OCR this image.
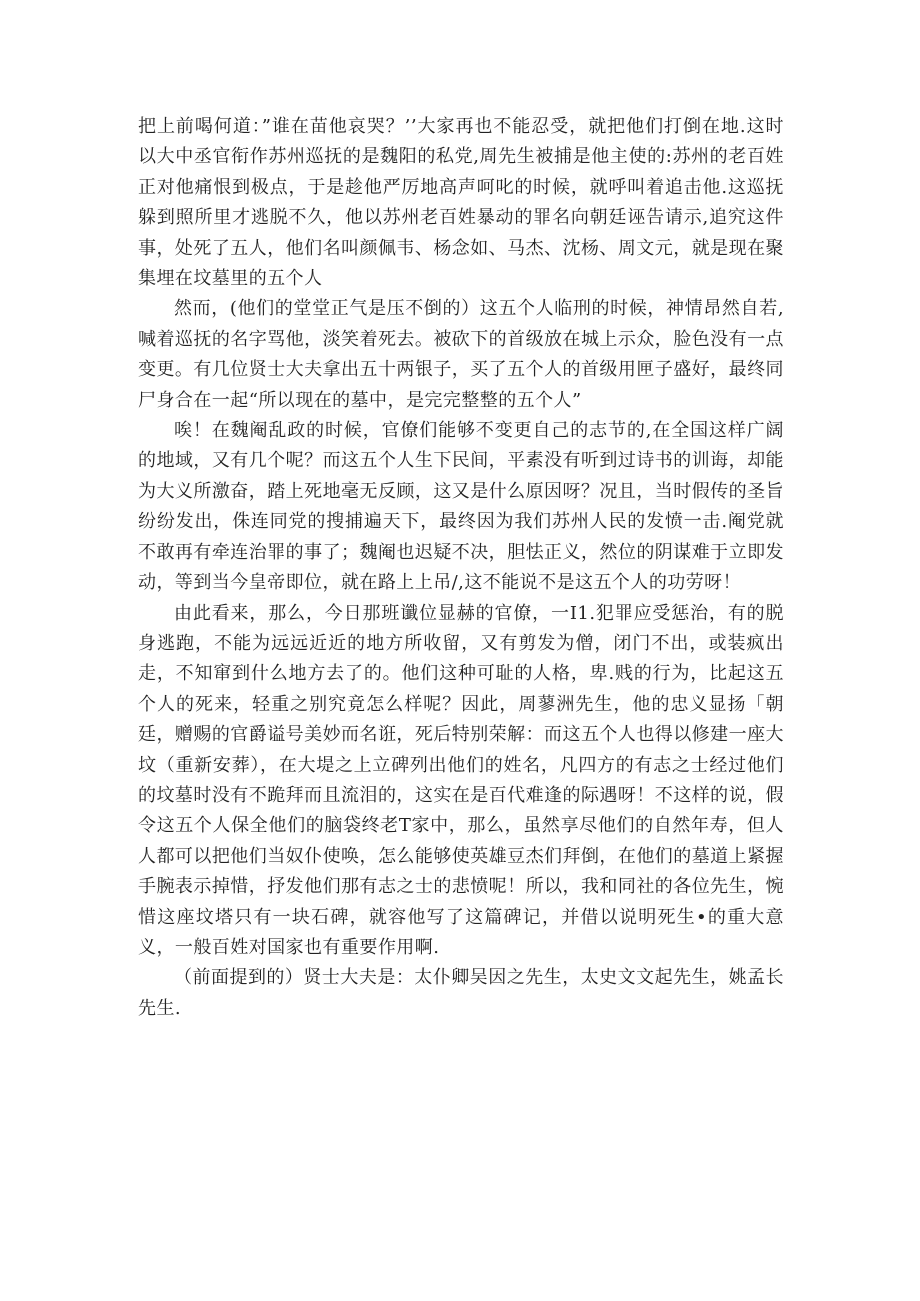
把上前喝何道：”谁在苗他哀哭？’’大家再也不能忍受，就把他们打倒在地.这时以大中丞官衔作苏州巡抚的是魏阳的私党,周先生被捕是他主使的:苏州的老百姓正对他痛恨到极点，于是趁他严厉地高声呵叱的时候，就呼叫着追击他.这巡抚躲到照所里才逃脱不久，他以苏州老百姓暴动的罪名向朝廷诬告请示,追究这件事，处死了五人，他们名叫颜佩韦、杨念如、马杰、沈杨、周文元，就是现在聚集埋在坟墓里的五个人

然而，(他们的堂堂正气是压不倒的）这五个人临刑的时候，神情昂然自若,喊着巡抚的名字骂他，淡笑着死去。被砍下的首级放在城上示众，脸色没有一点变更。有几位贤士大夫拿出五十两银子，买了五个人的首级用匣子盛好，最终同尸身合在一起“所以现在的墓中，是完完整整的五个人”

唉！在魏阉乱政的时候，官僚们能够不变更自己的志节的,在全国这样广阔的地域，又有几个呢？而这五个人生下民间，平素没有听到过诗书的训诲，却能为大义所激奋，踏上死地毫无反顾，这又是什么原因呀？况且，当时假传的圣旨纷纷发出，侏连同党的搜捕遍天下，最终因为我们苏州人民的发愤一击.阉党就不敢再有牵连治罪的事了；魏阉也迟疑不决，胆怯正义，然位的阴谋难于立即发动，等到当今皇帝即位，就在路上上吊/,这不能说不是这五个人的功劳呀！

由此看来，那么，今日那班谶位显赫的官僚，一I1.犯罪应受惩治，有的脱身逃跑，不能为远远近近的地方所收留，又有剪发为僧，闭门不出，或装疯出走，不知窜到什么地方去了的。他们这种可耻的人格，卑.贱的行为，比起这五个人的死来，轻重之别究竟怎么样呢？因此，周蓼洲先生，他的忠义显扬「朝廷，赠赐的官爵谥号美妙而名诳，死后特别荣解：而这五个人也得以修建一座大坟（重新安葬），在大堤之上立碑列出他们的姓名，凡四方的有志之士经过他们的坟墓时没有不跪拜而且流泪的，这实在是百代难逢的际遇呀！不这样的说，假令这五个人保全他们的脑袋终老T家中，那么，虽然享尽他们的自然年寿，但人人都可以把他们当奴仆使唤，怎么能够使英雄豆杰们拜倒，在他们的墓道上紧握手腕表示掉惜，抒发他们那有志之士的悲愤呢！所以，我和同社的各位先生，惋惜这座坟塔只有一块石碑，就容他写了这篇碑记，并借以说明死生•的重大意义，一般百姓对国家也有重要作用啊.

（前面提到的）贤士大夫是：太仆卿吴因之先生，太史文文起先生，姚孟长先生.
